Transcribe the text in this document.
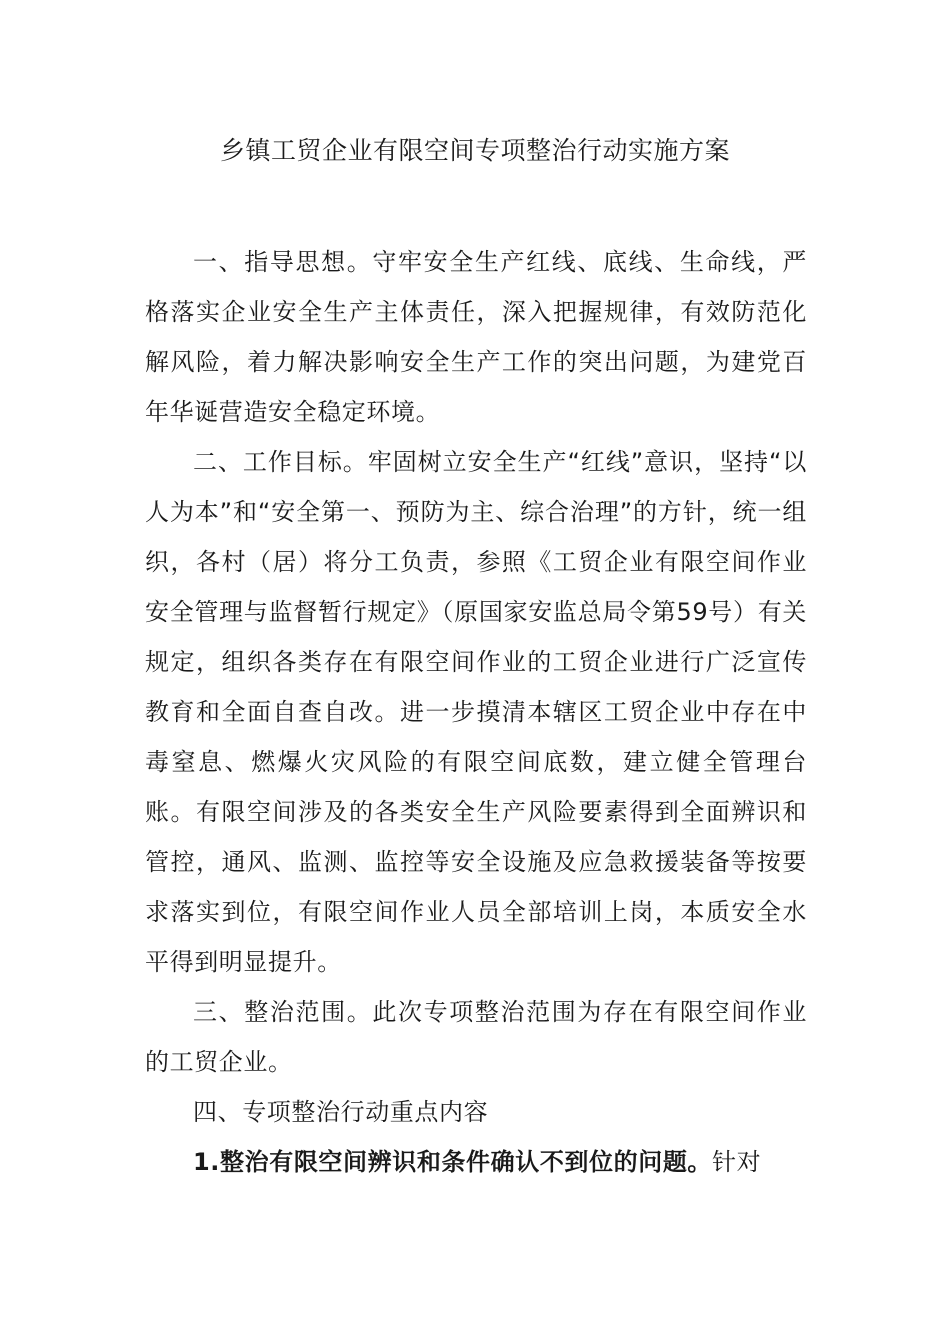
乡镇工贸企业有限空间专项整治行动实施方案

一、指导思想。守牢安全生产红线、底线、生命线，严格落实企业安全生产主体责任，深入把握规律，有效防范化解风险，着力解决影响安全生产工作的突出问题，为建党百年华诞营造安全稳定环境。

二、工作目标。牢固树立安全生产“红线”意识，坚持“以人为本”和“安全第一、预防为主、综合治理”的方针，统一组织，各村（居）将分工负责，参照《工贸企业有限空间作业安全管理与监督暂行规定》（原国家安监总局令第59号）有关规定，组织各类存在有限空间作业的工贸企业进行广泛宣传教育和全面自查自改。进一步摸清本辖区工贸企业中存在中毒窒息、燃爆火灾风险的有限空间底数，建立健全管理台账。有限空间涉及的各类安全生产风险要素得到全面辨识和管控，通风、监测、监控等安全设施及应急救援装备等按要求落实到位，有限空间作业人员全部培训上岗，本质安全水平得到明显提升。

三、整治范围。此次专项整治范围为存在有限空间作业的工贸企业。

四、专项整治行动重点内容

1.整治有限空间辨识和条件确认不到位的问题。针对
